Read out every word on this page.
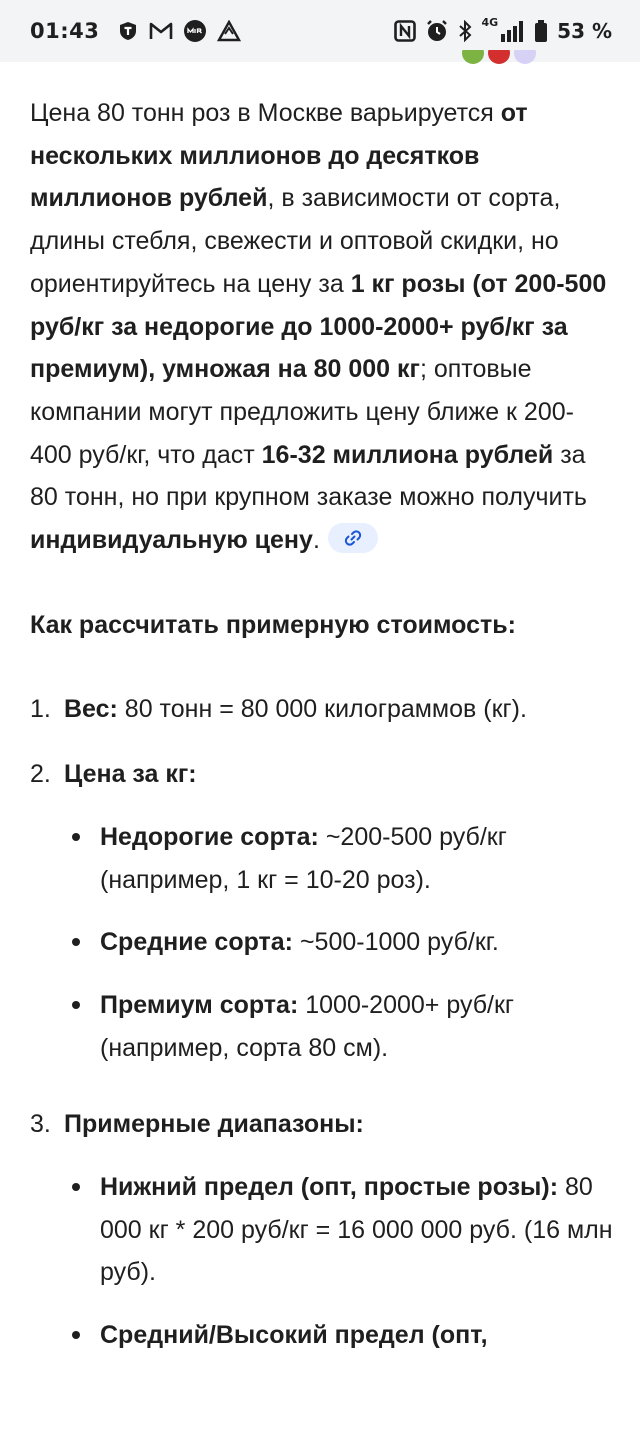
01:43	4G	53 %

Цена 80 тонн роз в Москве варьируется от нескольких миллионов до десятков миллионов рублей, в зависимости от сорта, длины стебля, свежести и оптовой скидки, но ориентируйтесь на цену за 1 кг розы (от 200-500 руб/кг за недорогие до 1000-2000+ руб/кг за премиум), умножая на 80 000 кг; оптовые компании могут предложить цену ближе к 200-400 руб/кг, что даст 16-32 миллиона рублей за 80 тонн, но при крупном заказе можно получить индивидуальную цену.

Как рассчитать примерную стоимость:

1. Вес: 80 тонн = 80 000 килограммов (кг).
2. Цена за кг:
Недорогие сорта: ~200-500 руб/кг (например, 1 кг = 10-20 роз).
Средние сорта: ~500-1000 руб/кг.
Премиум сорта: 1000-2000+ руб/кг (например, сорта 80 см).
3. Примерные диапазоны:
Нижний предел (опт, простые розы): 80 000 кг * 200 руб/кг = 16 000 000 руб. (16 млн руб).
Средний/Высокий предел (опт,
